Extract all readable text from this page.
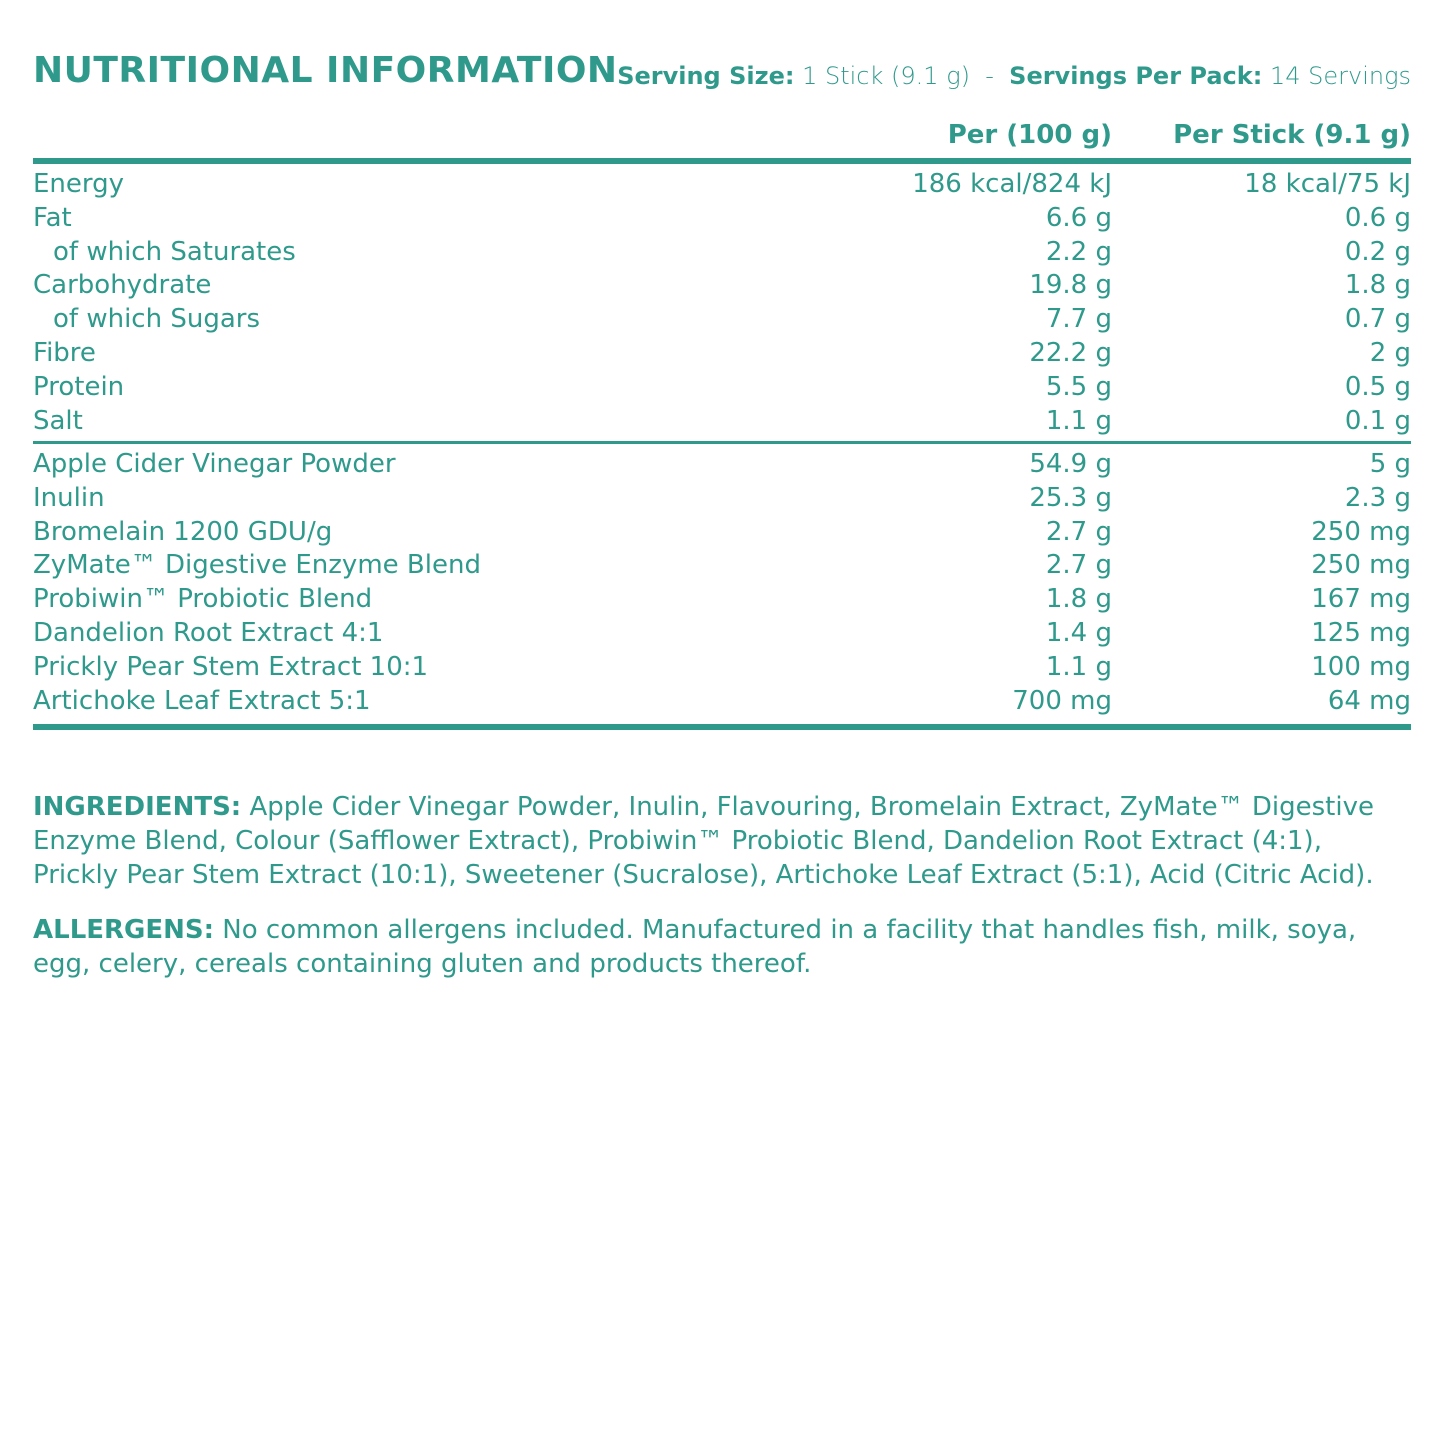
NUTRITIONAL INFORMATION Serving Size: 1 Stick (9.1 g) - Servings Per Pack: 14 Servings
Per (100 g) Per Stick (9.1 g)
Energy	186 kcal/824 kJ	18 kcal/75 kJ
Fat	6.6 g	0.6 g
of which Saturates	2.2 g	0.2 g
Carbohydrate	19.8 g	1.8 g
of which Sugars	7.7 g	0.7 g
Fibre	22.2 g	2 g
Protein	5.5 g	0.5 g
Salt	1.1 g	0.1 g
Apple Cider Vinegar Powder	54.9 g	5 g
Inulin	25.3 g	2.3 g
Bromelain 1200 GDU/g	2.7 g	250 mg
ZyMate™ Digestive Enzyme Blend	2.7 g	250 mg
Probiwin™ Probiotic Blend	1.8 g	167 mg
Dandelion Root Extract 4:1	1.4 g	125 mg
Prickly Pear Stem Extract 10:1	1.1 g	100 mg
Artichoke Leaf Extract 5:1	700 mg	64 mg
INGREDIENTS: Apple Cider Vinegar Powder, Inulin, Flavouring, Bromelain Extract, ZyMate™ Digestive Enzyme Blend, Colour (Safflower Extract), Probiwin™ Probiotic Blend, Dandelion Root Extract (4:1), Prickly Pear Stem Extract (10:1), Sweetener (Sucralose), Artichoke Leaf Extract (5:1), Acid (Citric Acid).
ALLERGENS: No common allergens included. Manufactured in a facility that handles fish, milk, soya, egg, celery, cereals containing gluten and products thereof.
